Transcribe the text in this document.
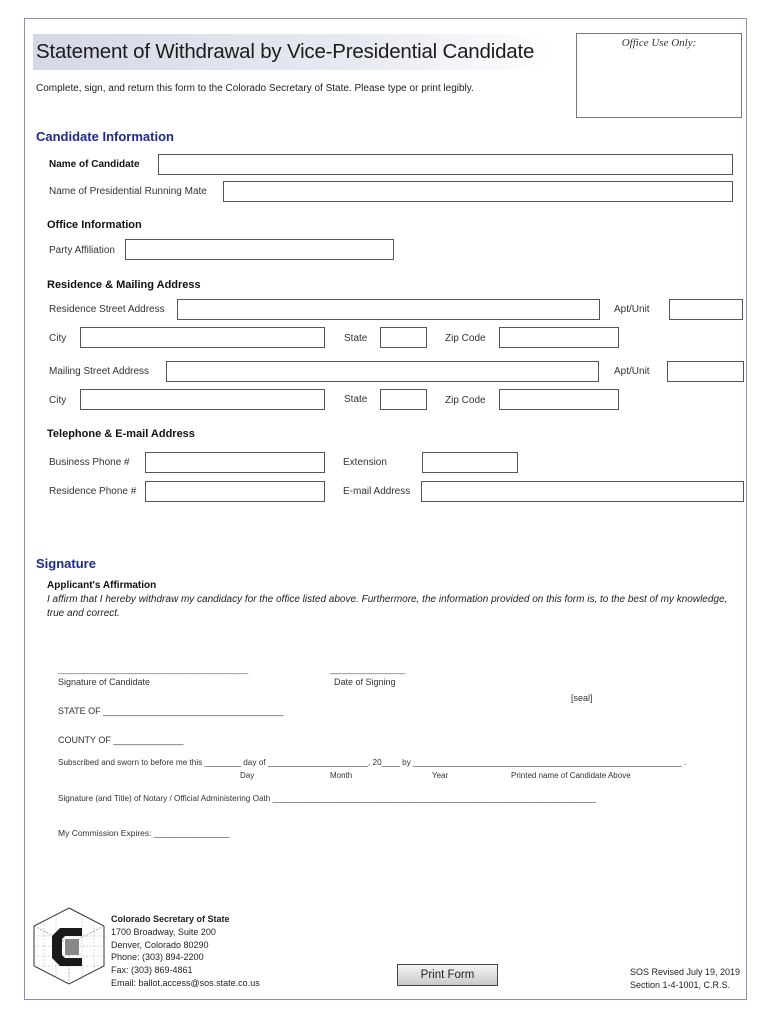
Statement of Withdrawal by Vice-Presidential Candidate	Office Use Only:
Complete, sign, and return this form to the Colorado Secretary of State. Please type or print legibly.
Candidate Information
Name of Candidate
Name of Presidential Running Mate
Office Information
Party Affiliation
Residence & Mailing Address
Residence Street Address	Apt/Unit
City	State	Zip Code
Mailing Street Address	Apt/Unit
City	State	Zip Code
Telephone & E-mail Address
Business Phone #	Extension
Residence Phone #	E-mail Address
Signature
Applicant's Affirmation
I affirm that I hereby withdraw my candidacy for the office listed above. Furthermore, the information provided on this form is, to the best of my knowledge,
true and correct.
______________________________________
Signature of Candidate
_______________
Date of Signing
[seal]
STATE OF ____________________________________
COUNTY OF ______________
Subscribed and sworn to before me this ________ day of ______________________, 20____ by ___________________________________________________________ .
Day	Month	Year	Printed name of Candidate Above
Signature (and Title) of Notary / Official Administering Oath _______________________________________________________________________
My Commission Expires: ________________
Colorado Secretary of State
1700 Broadway, Suite 200
Denver, Colorado 80290
Phone: (303) 894-2200
Fax: (303) 869-4861
Email: ballot.access@sos.state.co.us
Print Form	SOS Revised July 19, 2019
Section 1-4-1001, C.R.S.
